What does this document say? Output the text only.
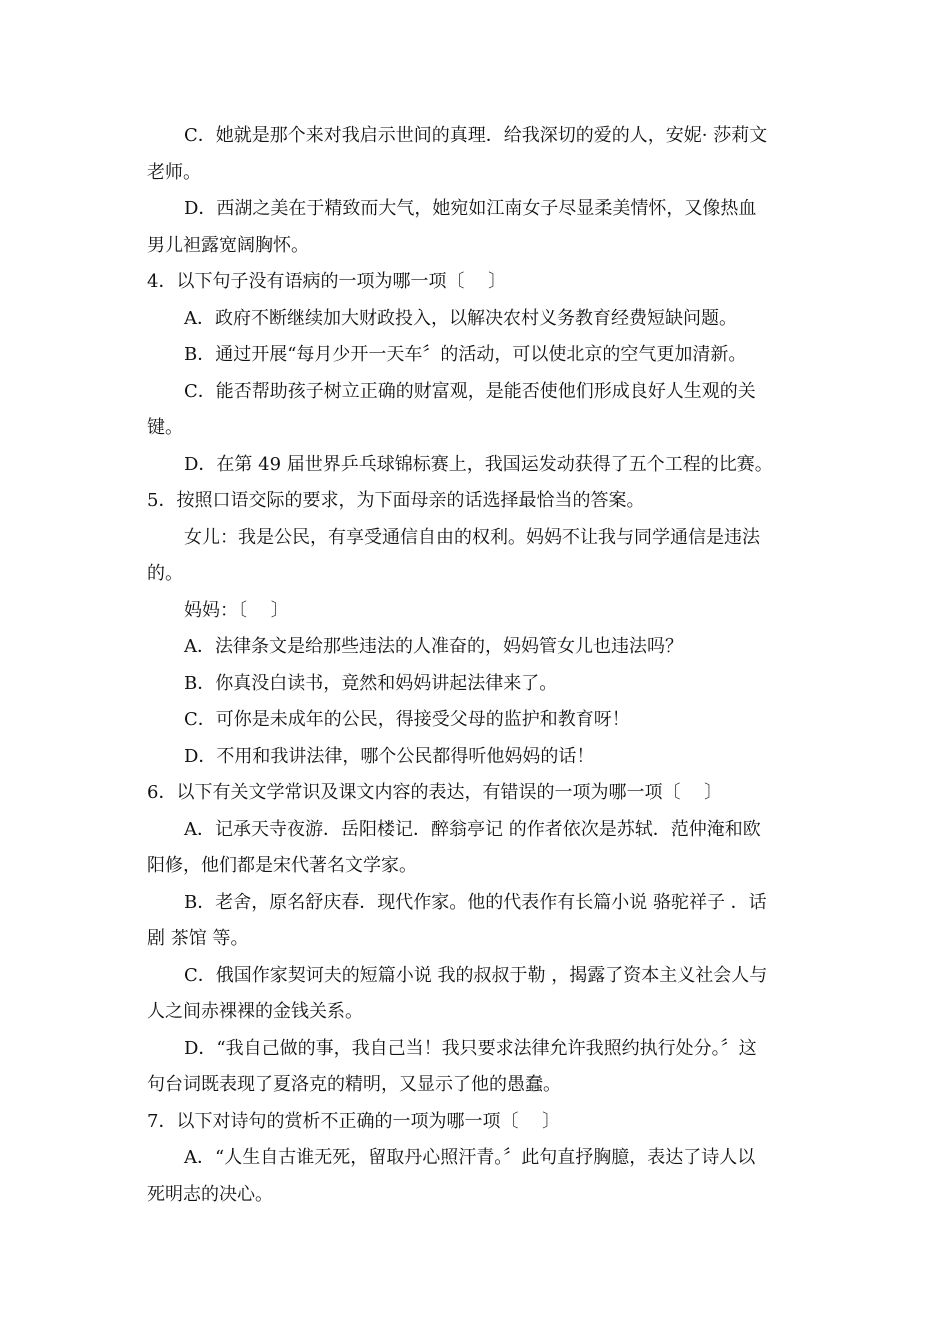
C．她就是那个来对我启示世间的真理．给我深切的爱的人，安妮· 莎莉文
老师。
D．西湖之美在于精致而大气，她宛如江南女子尽显柔美情怀，又像热血
男儿袒露宽阔胸怀。
4．以下句子没有语病的一项为哪一项〔　 〕
A．政府不断继续加大财政投入，以解决农村义务教育经费短缺问题。
B．通过开展“每月少开一天车〞的活动，可以使北京的空气更加清新。
C．能否帮助孩子树立正确的财富观，是能否使他们形成良好人生观的关
键。
D．在第 49 届世界乒乓球锦标赛上，我国运发动获得了五个工程的比赛。
5．按照口语交际的要求，为下面母亲的话选择最恰当的答案。
女儿：我是公民，有享受通信自由的权利。妈妈不让我与同学通信是违法
的。
妈妈：〔　 〕
A．法律条文是给那些违法的人准奋的，妈妈管女儿也违法吗？
B．你真没白读书，竟然和妈妈讲起法律来了。
C．可你是未成年的公民，得接受父母的监护和教育呀！
D．不用和我讲法律，哪个公民都得听他妈妈的话！
6．以下有关文学常识及课文内容的表达，有错误的一项为哪一项〔　 〕
A．记承天寺夜游．岳阳楼记．醉翁亭记 的作者依次是苏轼．范仲淹和欧
阳修，他们都是宋代著名文学家。
B．老舍，原名舒庆春．现代作家。他的代表作有长篇小说 骆驼祥子 ．话
剧 茶馆 等。
C．俄国作家契诃夫的短篇小说 我的叔叔于勒 ，揭露了资本主义社会人与
人之间赤裸裸的金钱关系。
D．“我自己做的事，我自己当！我只要求法律允许我照约执行处分。〞这
句台词既表现了夏洛克的精明，又显示了他的愚蠢。
7．以下对诗句的赏析不正确的一项为哪一项〔　 〕
A．“人生自古谁无死，留取丹心照汗青。〞此句直抒胸臆，表达了诗人以
死明志的决心。
